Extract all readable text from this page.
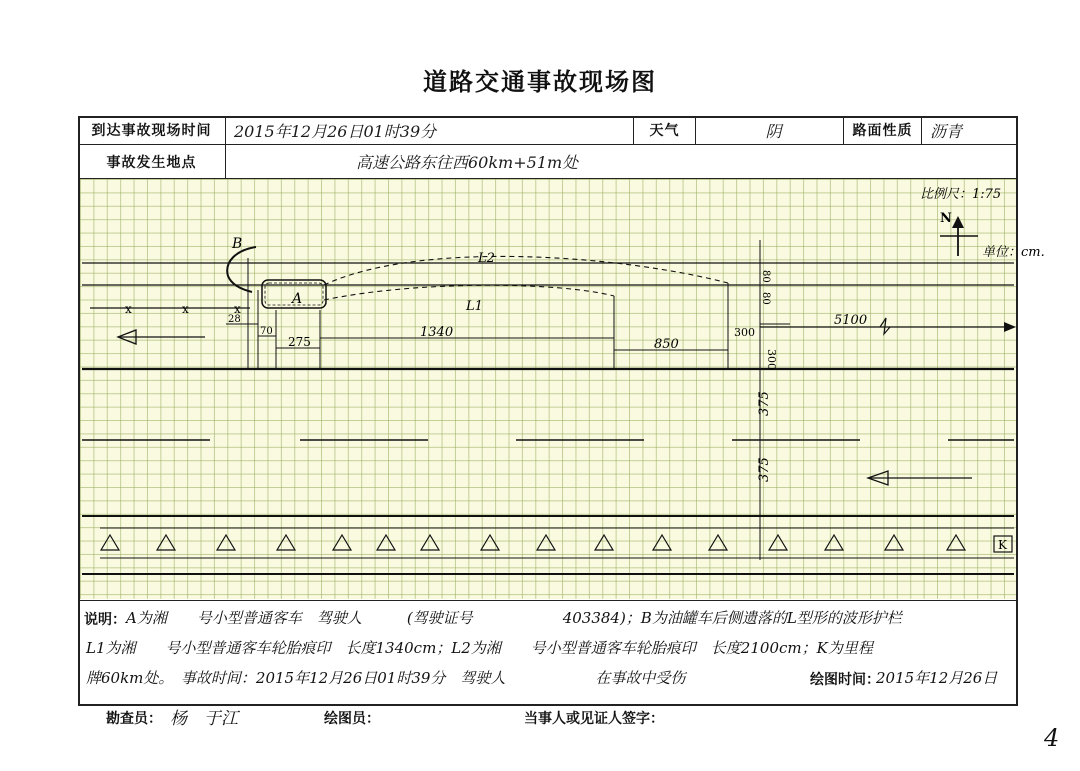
道路交通事故现场图
到达事故现场时间	2015年12月26日01时39分	天气	阴	路面性质	沥青
事故发生地点	高速公路东往西60km+51m处
x	x	x
A
B
L2
L1
28
70
275
1340
850
300
300
5100
80
80
375
375
K
N
比例尺：1:75
单位：cm.
说明： A为湘　　号小型普通客车　驾驶人　　　(驾驶证号　　　　　　403384)；B为油罐车后侧遗落的L型形的波形护栏
L1为湘　　号小型普通客车轮胎痕印　长度1340cm；L2为湘　　号小型普通客车轮胎痕印　长度2100cm；K为里程
牌60km处。　事故时间：2015年12月26日01时39分　驾驶人　　　　　　在事故中受伤	绘图时间：
2015年12月26日
勘查员： 杨　于江	绘图员：	当事人或见证人签字：
4
